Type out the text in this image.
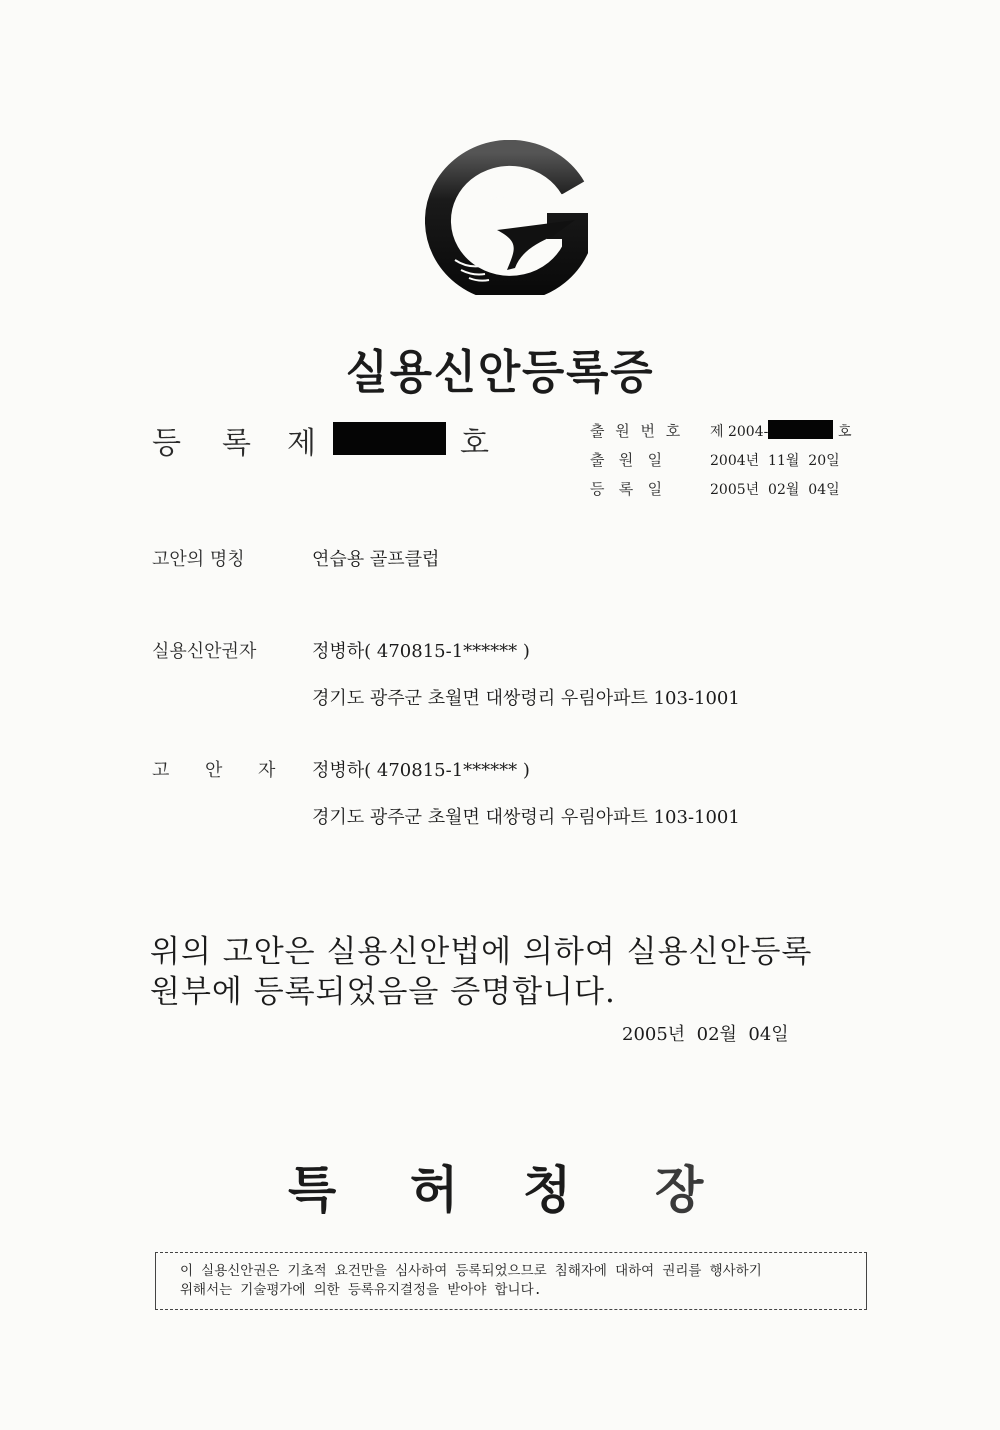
실용신안등록증
등 록 제	호	출 원 번 호 제 2004-	호
출   원   일	2004년  11월  20일
등   록   일	2005년  02월  04일
고안의 명칭	연습용 골프클럽
실용신안권자	정병하( 470815-1****** )
경기도 광주군 초월면 대쌍령리 우림아파트 103-1001
고 안 자 정병하( 470815-1****** )
경기도 광주군 초월면 대쌍령리 우림아파트 103-1001
위의 고안은 실용신안법에 의하여 실용신안등록
원부에 등록되었음을 증명합니다.
2005년  02월  04일
특 허 청 장
이 실용신안권은 기초적 요건만을 심사하여 등록되었으므로 침해자에 대하여 권리를 행사하기
위해서는 기술평가에 의한 등록유지결정을 받아야 합니다.
